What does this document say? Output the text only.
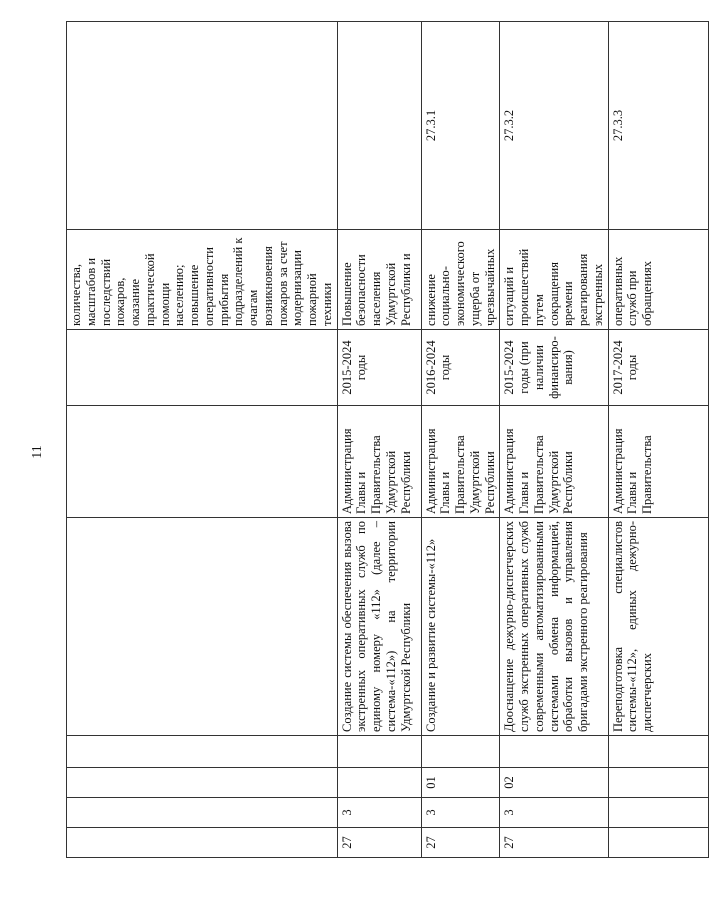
11
							количества, масштабов и последствий пожаров, оказание практической помощи населению; повышение оперативности прибытия подразделений к очагам возникновения пожаров за счет модернизации пожарной техники	
27	3			Создание системы обеспечения вызова экстренных оперативных служб по единому номеру «112» (далее – система-«112») на территории Удмуртской Республики	Администрация Главы и Правительства Удмуртской Республики	2015-2024 годы	Повышение безопасности населения Удмуртской Республики и	
27	3	01		Создание и развитие системы-«112»	Администрация Главы и Правительства Удмуртской Республики	2016-2024 годы	снижение социально-экономического ущерба от чрезвычайных	27.3.1
27	3	02		Дооснащение дежурно-диспетчерских служб экстренных оперативных служб современными автоматизированными системами обмена информацией, обработки вызовов и управления бригадами экстренного реагирования	Администрация Главы и Правительства Удмуртской Республики	2015-2024 годы (при наличии финансиро-вания)	ситуаций и происшествий путем сокращения времени реагирования экстренных	27.3.2
				Переподготовка специалистов системы-«112», единых дежурно-диспетчерских	Администрация Главы и Правительства	2017-2024 годы	оперативных служб при обращениях	27.3.3
